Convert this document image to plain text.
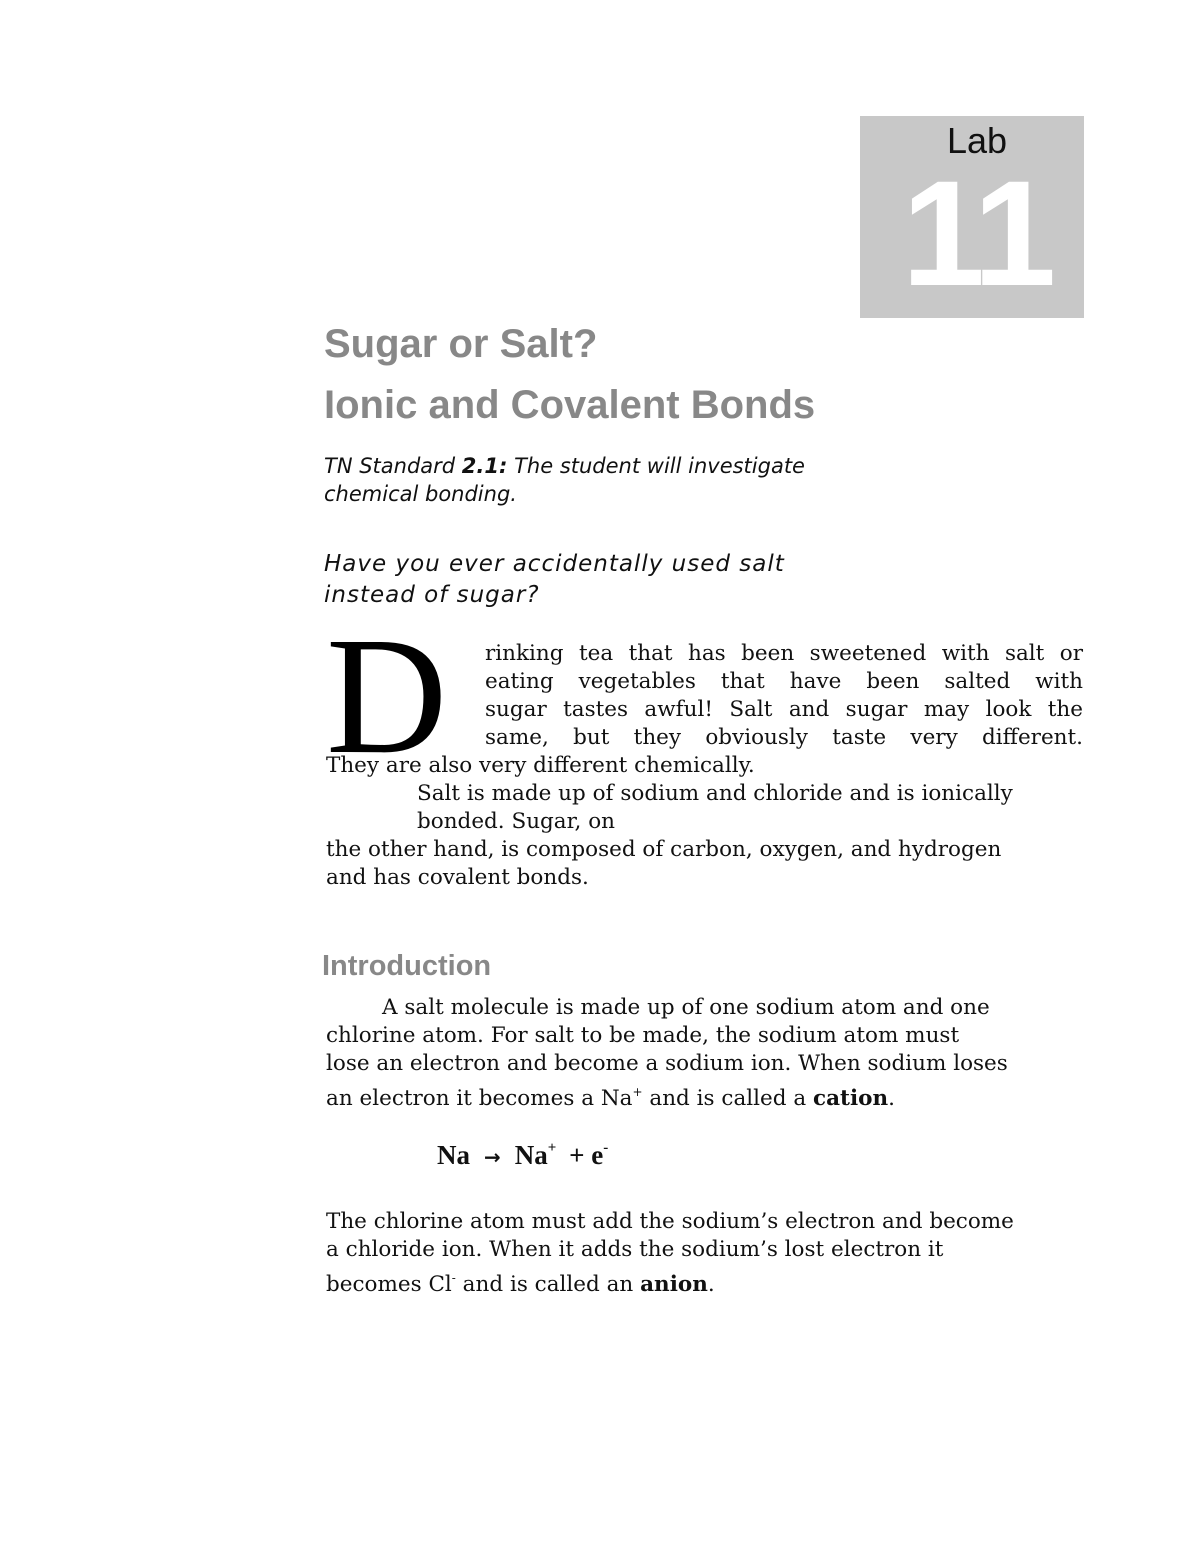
Lab
11
Sugar or Salt?
Ionic and Covalent Bonds
TN Standard 2.1: The student will investigate
chemical bonding.
Have you ever accidentally used salt
instead of sugar?
D rinking tea that has been sweetened with salt or
eating vegetables that have been salted with
sugar tastes awful! Salt and sugar may look the
same, but they obviously taste very different.
They are also very different chemically.
Salt is made up of sodium and chloride and is ionically
bonded. Sugar, on
the other hand, is composed of carbon, oxygen, and hydrogen
and has covalent bonds.
Introduction
A salt molecule is made up of one sodium atom and one
chlorine atom. For salt to be made, the sodium atom must
lose an electron and become a sodium ion. When sodium loses
an electron it becomes a Na+ and is called a cation.
Na → Na+ + e-
The chlorine atom must add the sodium’s electron and become
a chloride ion. When it adds the sodium’s lost electron it
becomes Cl- and is called an anion.
